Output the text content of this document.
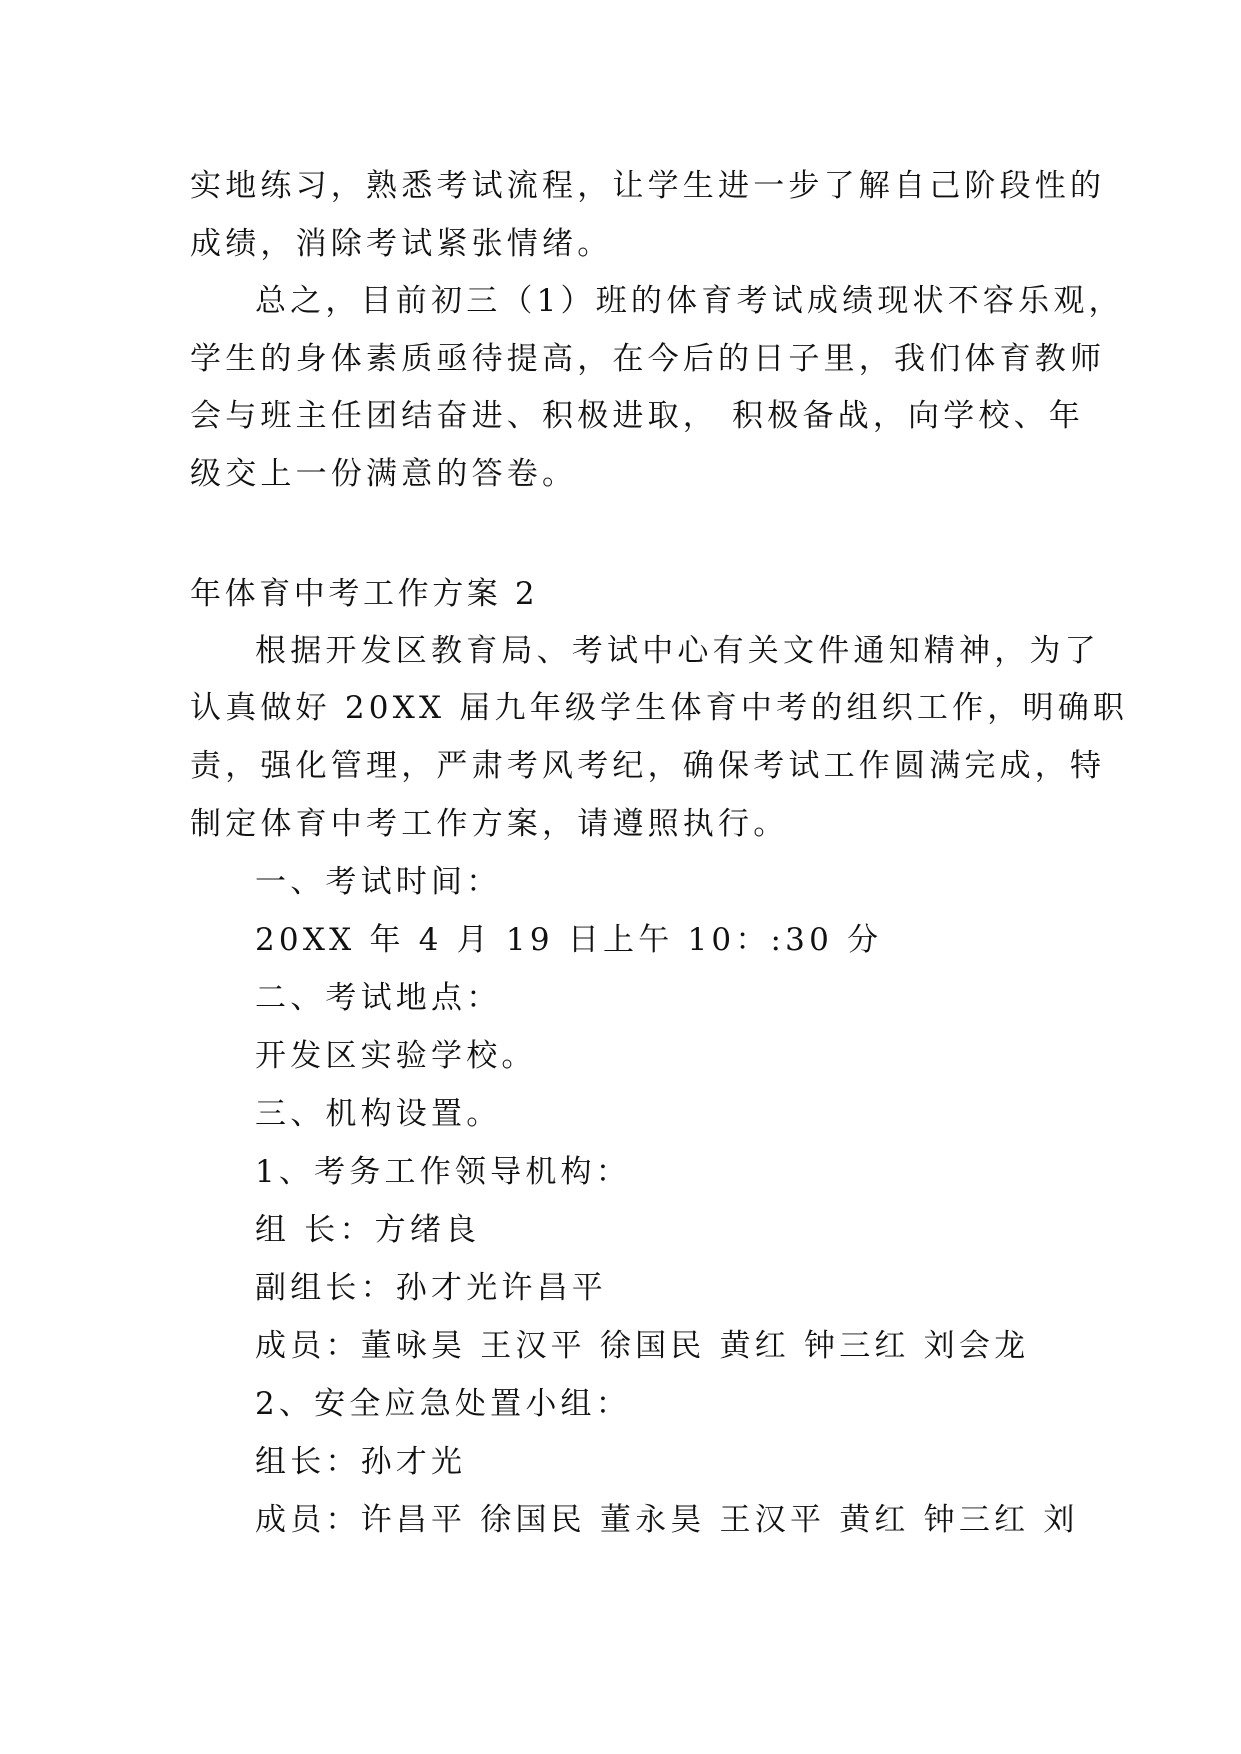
实地练习，熟悉考试流程，让学生进一步了解自己阶段性的
成绩，消除考试紧张情绪。
总之，目前初三（1）班的体育考试成绩现状不容乐观，
学生的身体素质亟待提高，在今后的日子里，我们体育教师
会与班主任团结奋进、积极进取， 积极备战，向学校、年
级交上一份满意的答卷。
年体育中考工作方案 2
根据开发区教育局、考试中心有关文件通知精神，为了
认真做好 20XX 届九年级学生体育中考的组织工作，明确职
责，强化管理，严肃考风考纪，确保考试工作圆满完成，特
制定体育中考工作方案，请遵照执行。
一、考试时间：
20XX 年 4 月 19 日上午 10：:30 分
二、考试地点：
开发区实验学校。
三、机构设置。
1、考务工作领导机构：
组 长：方绪良
副组长：孙才光许昌平
成员：董咏昊 王汉平 徐国民 黄红 钟三红 刘会龙
2、安全应急处置小组：
组长：孙才光
成员：许昌平 徐国民 董永昊 王汉平 黄红 钟三红 刘
